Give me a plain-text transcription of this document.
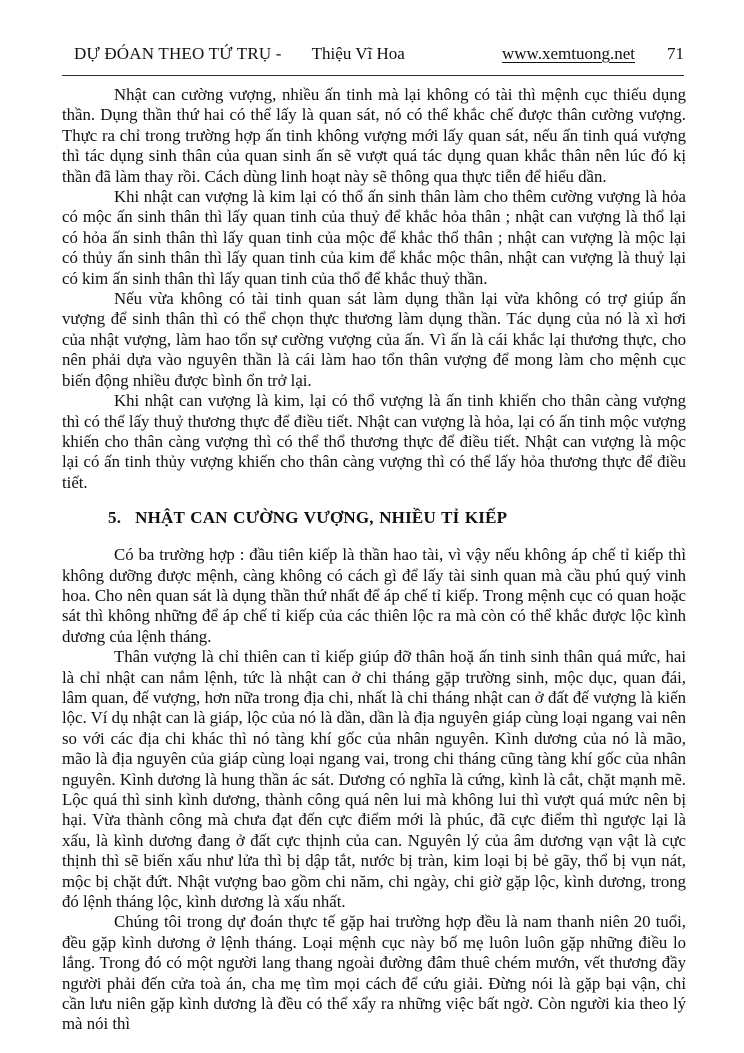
DỰ ĐÓAN THEO TỨ TRỤ - Thiệu Vĩ Hoa	www.xemtuong.net 71

Nhật can cường vượng, nhiều ấn tinh mà lại không có tài thì mệnh cục thiếu dụng thần. Dụng thần thứ hai có thể lấy là quan sát, nó có thể khắc chế được thân cường vượng. Thực ra chỉ trong trường hợp ấn tinh không vượng mới lấy quan sát, nếu ấn tinh quá vượng thì tác dụng sinh thân của quan sinh ấn sẽ vượt quá tác dụng quan khắc thân nên lúc đó kị thần đã làm thay rồi. Cách dùng linh hoạt này sẽ thông qua thực tiễn để hiểu dần.

Khi nhật can vượng là kim lại có thổ ấn sinh thân làm cho thêm cường vượng là hỏa có mộc ấn sinh thân thì lấy quan tinh của thuỷ để khắc hỏa thân ; nhật can vượng là thổ lại có hỏa ấn sinh thân thì lấy quan tinh của mộc để khắc thổ thân ; nhật can vượng là mộc lại có thủy ấn sinh thân thì lấy quan tinh của kim để khắc mộc thân, nhật can vượng là thuỷ lại có kim ấn sinh thân thì lấy quan tinh của thổ để khắc thuỷ thần.

Nếu vừa không có tài tinh quan sát làm dụng thần lại vừa không có trợ giúp ấn vượng để sinh thân thì có thể chọn thực thương làm dụng thần. Tác dụng của nó là xì hơi của nhật vượng, làm hao tổn sự cường vượng của ấn. Vì ấn là cái khắc lại thương thực, cho nên phải dựa vào nguyên thần là cái làm hao tổn thân vượng để mong làm cho mệnh cục biến động nhiều được bình ổn trở lại.

Khi nhật can vượng là kim, lại có thổ vượng là ấn tinh khiến cho thân càng vượng thì có thể lấy thuỷ thương thực để điều tiết. Nhật can vượng là hỏa, lại có ấn tinh mộc vượng khiến cho thân càng vượng thì có thể thổ thương thực để điều tiết. Nhật can vượng là mộc lại có ấn tinh thủy vượng khiến cho thân càng vượng thì có thể lấy hỏa thương thực để điều tiết.

5. NHẬT CAN CƯỜNG VƯỢNG, NHIỀU TỈ KIẾP

Có ba trường hợp : đầu tiên kiếp là thần hao tài, vì vậy nếu không áp chế tỉ kiếp thì không dưỡng được mệnh, càng không có cách gì để lấy tài sinh quan mà cầu phú quý vinh hoa. Cho nên quan sát là dụng thần thứ nhất để áp chế tỉ kiếp. Trong mệnh cục có quan hoặc sát thì không những để áp chế tỉ kiếp của các thiên lộc ra mà còn có thể khắc được lộc kình dương của lệnh tháng.

Thân vượng là chỉ thiên can tỉ kiếp giúp đỡ thân hoặ ấn tinh sinh thân quá mức, hai là chỉ nhật can nắm lệnh, tức là nhật can ở chi tháng gặp trường sinh, mộc dục, quan đái, lâm quan, đế vượng, hơn nữa trong địa chi, nhất là chi tháng nhật can ở đất đế vượng là kiến lộc. Ví dụ nhật can là giáp, lộc của nó là dần, dần là địa nguyên giáp cùng loại ngang vai nên so với các địa chi khác thì nó tàng khí gốc của nhân nguyên. Kình dương của nó là mão, mão là địa nguyên của giáp cùng loại ngang vai, trong chi tháng cũng tàng khí gốc của nhân nguyên. Kình dương là hung thần ác sát. Dương có nghĩa là cứng, kình là cắt, chặt mạnh mẽ. Lộc quá thì sinh kình dương, thành công quá nên lui mà không lui thì vượt quá mức nên bị hại. Vừa thành công mà chưa đạt đến cực điểm mới là phúc, đã cực điểm thì ngược lại là xấu, là kình dương đang ở đất cực thịnh của can. Nguyên lý của âm dương vạn vật là cực thịnh thì sẽ biến xấu như lửa thì bị dập tắt, nước bị tràn, kim loại bị bẻ gãy, thổ bị vụn nát, mộc bị chặt đứt. Nhật vượng bao gồm chi năm, chi ngày, chi giờ gặp lộc, kình dương, trong đó lệnh tháng lộc, kình dương là xấu nhất.

Chúng tôi trong dự đoán thực tế gặp hai trường hợp đều là nam thanh niên 20 tuổi, đều gặp kình dương ở lệnh tháng. Loại mệnh cục này bố mẹ luôn luôn gặp những điều lo lắng. Trong đó có một người lang thang ngoài đường đâm thuê chém mướn, vết thương đầy người phải đến cửa toà án, cha mẹ tìm mọi cách để cứu giải. Đừng nói là gặp bại vận, chỉ cần lưu niên gặp kình dương là đều có thể xẩy ra những việc bất ngờ. Còn người kia theo lý mà nói thì
